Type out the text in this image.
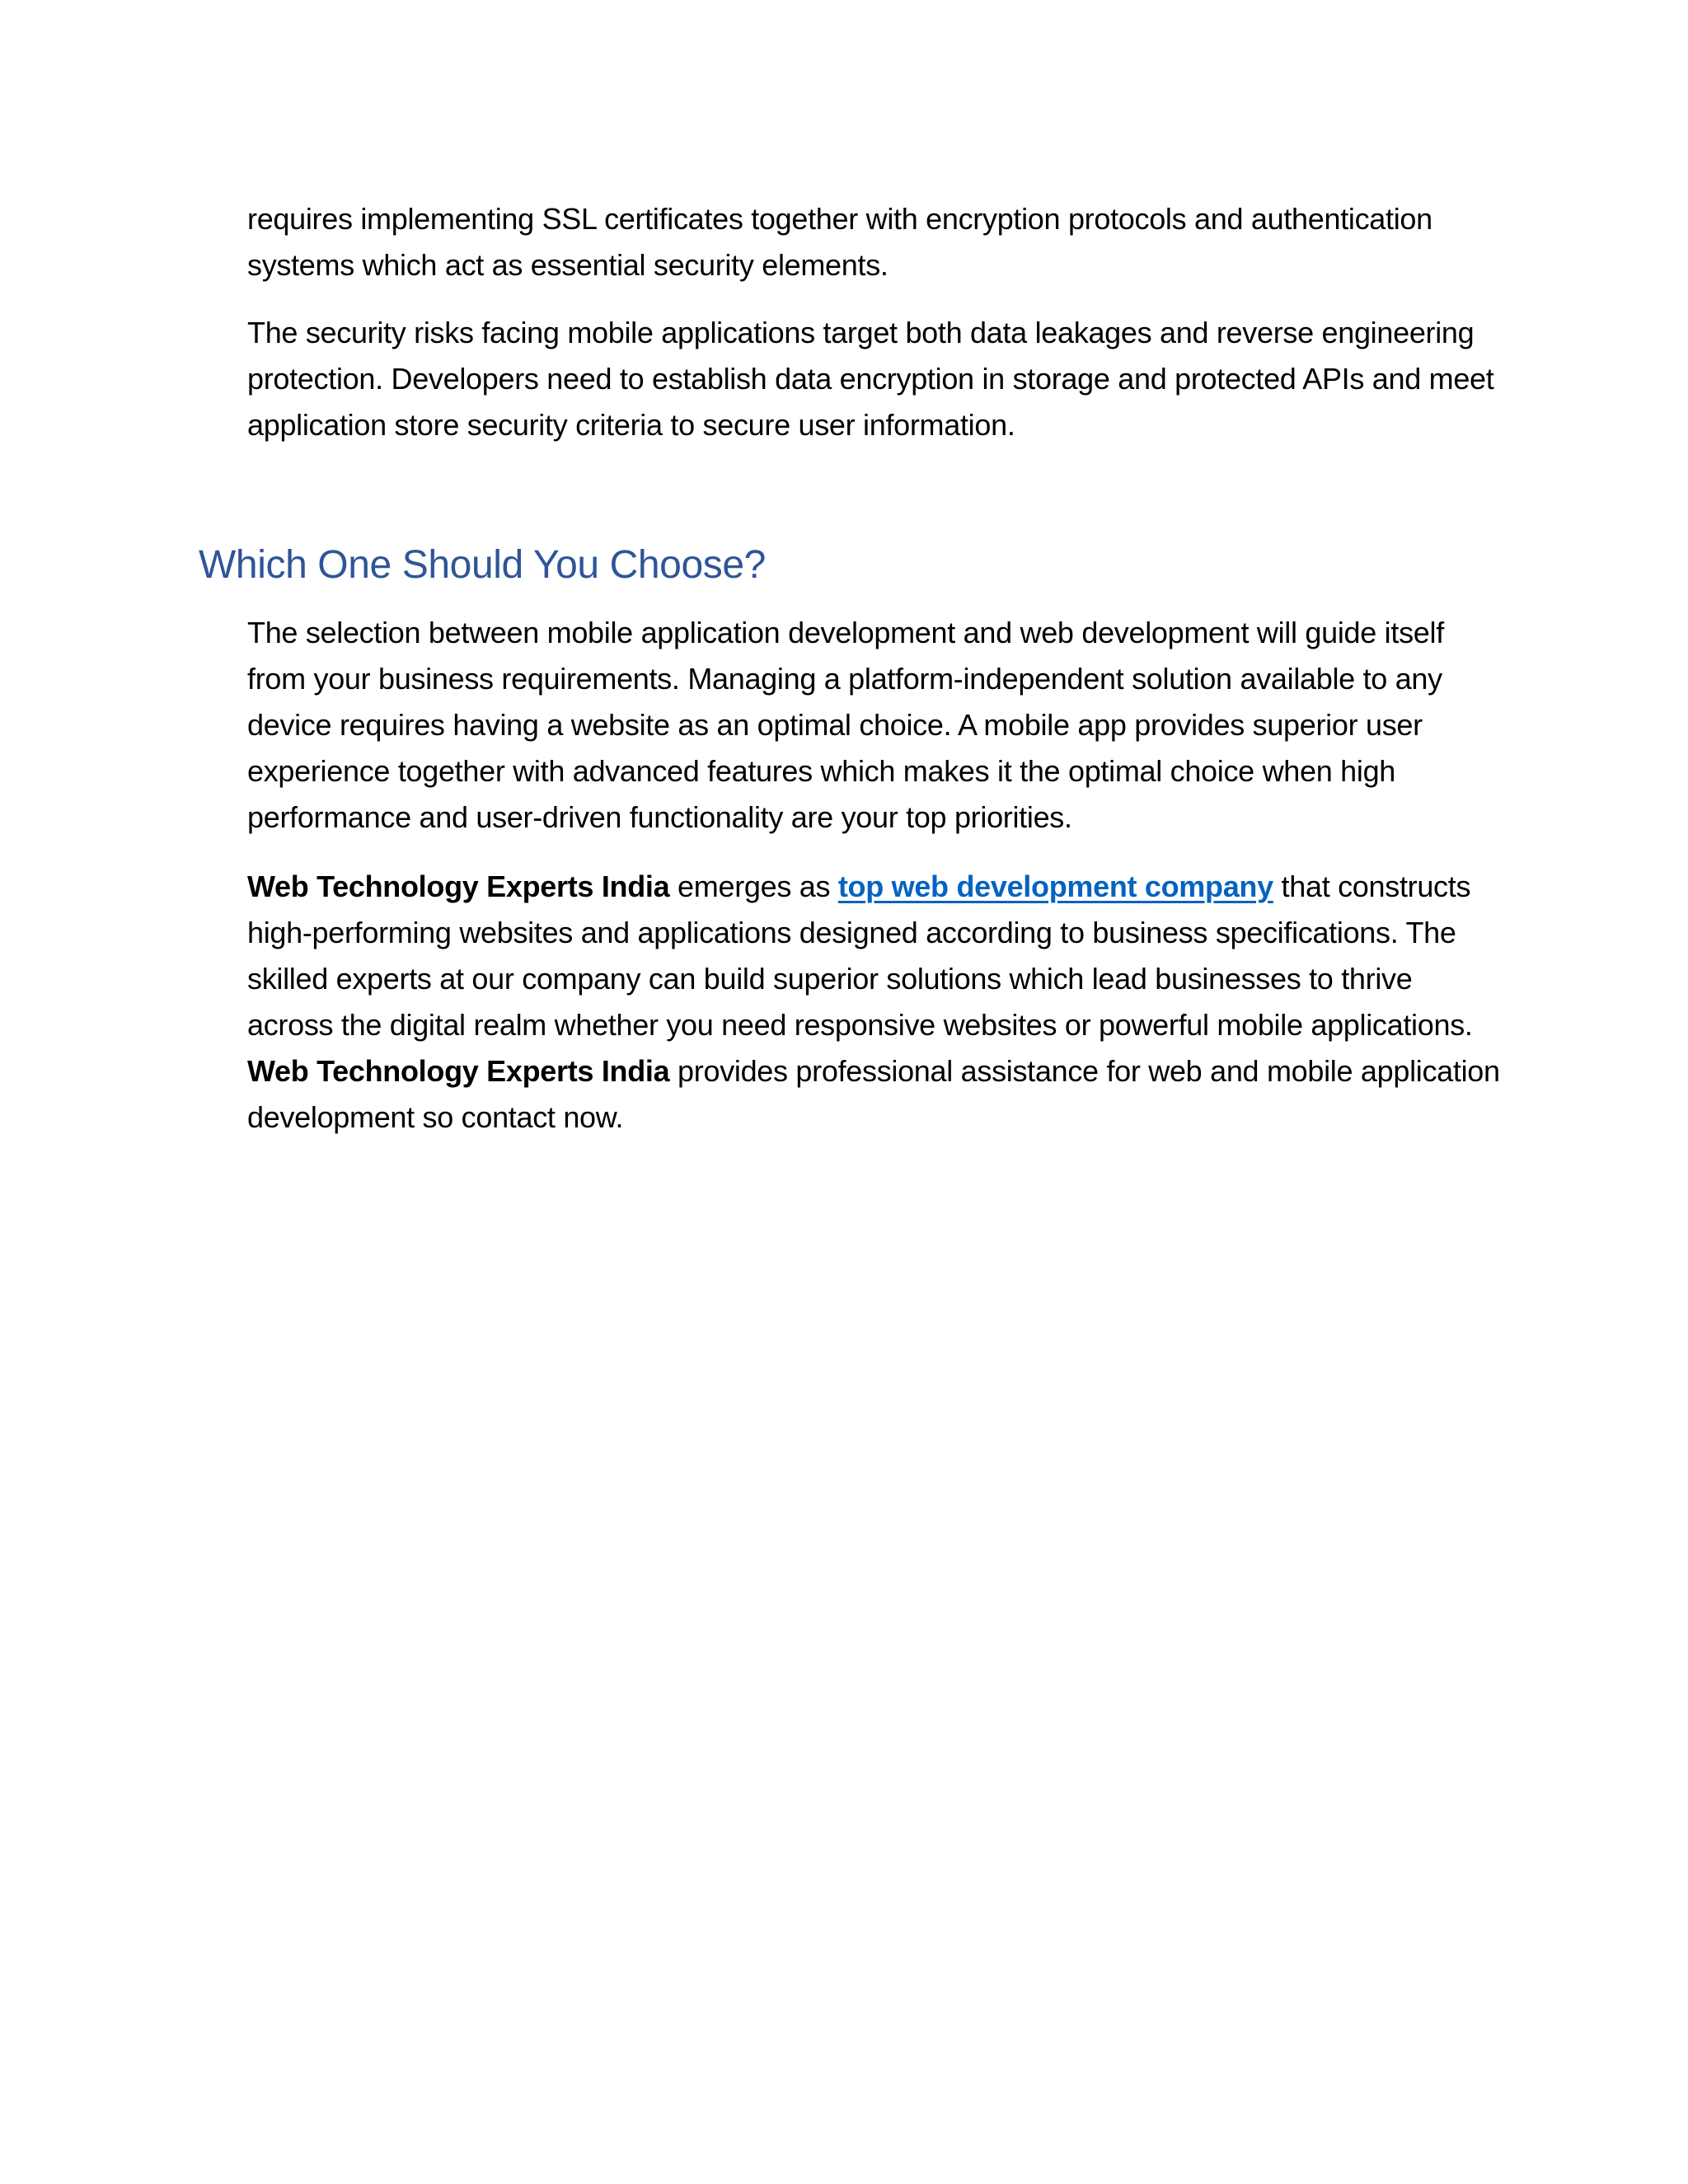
requires implementing SSL certificates together with encryption protocols and authentication systems which act as essential security elements.

The security risks facing mobile applications target both data leakages and reverse engineering protection. Developers need to establish data encryption in storage and protected APIs and meet application store security criteria to secure user information.

Which One Should You Choose?

The selection between mobile application development and web development will guide itself from your business requirements. Managing a platform-independent solution available to any device requires having a website as an optimal choice. A mobile app provides superior user experience together with advanced features which makes it the optimal choice when high performance and user-driven functionality are your top priorities.

Web Technology Experts India emerges as top web development company that constructs high-performing websites and applications designed according to business specifications. The skilled experts at our company can build superior solutions which lead businesses to thrive across the digital realm whether you need responsive websites or powerful mobile applications. Web Technology Experts India provides professional assistance for web and mobile application development so contact now.
